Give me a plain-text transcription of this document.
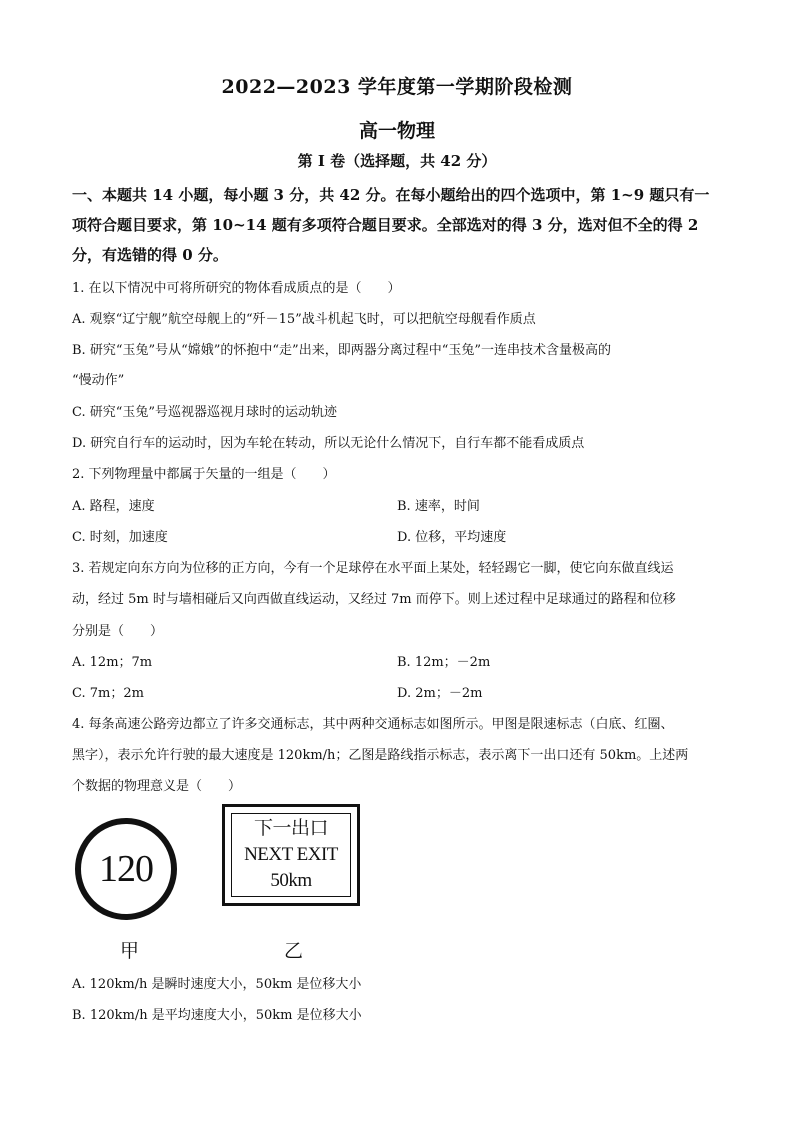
2022—2023 学年度第一学期阶段检测
高一物理
第 I 卷（选择题，共 42 分）
一、本题共 14 小题，每小题 3 分，共 42 分。在每小题给出的四个选项中，第 1~9 题只有一
项符合题目要求，第 10~14 题有多项符合题目要求。全部选对的得 3 分，选对但不全的得 2
分，有选错的得 0 分。
1. 在以下情况中可将所研究的物体看成质点的是（　　）
A. 观察“辽宁舰”航空母舰上的“歼－15”战斗机起飞时，可以把航空母舰看作质点
B. 研究“玉兔”号从“嫦娥”的怀抱中“走”出来，即两器分离过程中“玉兔”一连串技术含量极高的
“慢动作”
C. 研究“玉兔”号巡视器巡视月球时的运动轨迹
D. 研究自行车的运动时，因为车轮在转动，所以无论什么情况下，自行车都不能看成质点
2. 下列物理量中都属于矢量的一组是（　　）
A. 路程，速度	B. 速率，时间
C. 时刻，加速度	D. 位移，平均速度
3. 若规定向东方向为位移的正方向，今有一个足球停在水平面上某处，轻轻踢它一脚，使它向东做直线运
动，经过 5m 时与墙相碰后又向西做直线运动，又经过 7m 而停下。则上述过程中足球通过的路程和位移
分别是（　　）
A. 12m；7m	B. 12m；－2m
C. 7m；2m	D. 2m；－2m
4. 每条高速公路旁边都立了许多交通标志，其中两种交通标志如图所示。甲图是限速标志（白底、红圈、
黑字），表示允许行驶的最大速度是 120km/h；乙图是路线指示标志，表示离下一出口还有 50km。上述两
个数据的物理意义是（　　）
120
下一出口
NEXT EXIT
50km
甲	乙
A. 120km/h 是瞬时速度大小，50km 是位移大小
B. 120km/h 是平均速度大小，50km 是位移大小
